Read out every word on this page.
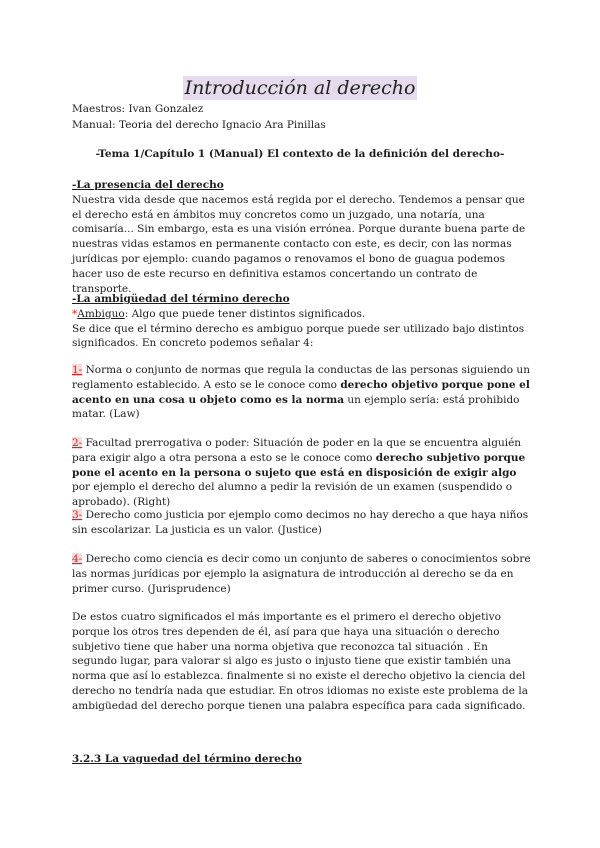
Introducción al derecho
Maestros: Ivan Gonzalez
Manual: Teoria del derecho Ignacio Ara Pinillas
-Tema 1/Capítulo 1 (Manual) El contexto de la definición del derecho-

-La presencia del derecho

Nuestra vida desde que nacemos está regida por el derecho. Tendemos a pensar que el derecho está en ámbitos muy concretos como un juzgado, una notaría, una comisaría... Sin embargo, esta es una visión errónea. Porque durante buena parte de nuestras vidas estamos en permanente contacto con este, es decir, con las normas jurídicas por ejemplo: cuando pagamos o renovamos el bono de guagua podemos hacer uso de este recurso en definitiva estamos concertando un contrato de transporte.

-La ambigüedad del término derecho

*Ambiguo: Algo que puede tener distintos significados.

Se dice que el término derecho es ambiguo porque puede ser utilizado bajo distintos significados. En concreto podemos señalar 4:

1- Norma o conjunto de normas que regula la conductas de las personas siguiendo un reglamento establecido. A esto se le conoce como derecho objetivo porque pone el acento en una cosa u objeto como es la norma un ejemplo sería: está prohibido matar. (Law)

2- Facultad prerrogativa o poder: Situación de poder en la que se encuentra alguién para exigir algo a otra persona a esto se le conoce como derecho subjetivo porque pone el acento en la persona o sujeto que está en disposición de exigir algo por ejemplo el derecho del alumno a pedir la revisión de un examen (suspendido o aprobado). (Right)

3- Derecho como justicia por ejemplo como decimos no hay derecho a que haya niños sin escolarizar. La justicia es un valor. (Justice)

4- Derecho como ciencia es decir como un conjunto de saberes o conocimientos sobre las normas jurídicas por ejemplo la asignatura de introducción al derecho se da en primer curso. (Jurisprudence)

De estos cuatro significados el más importante es el primero el derecho objetivo porque los otros tres dependen de él, así para que haya una situación o derecho subjetivo tiene que haber una norma objetiva que reconozca tal situación . En segundo lugar, para valorar si algo es justo o injusto tiene que existir también una norma que así lo establezca. finalmente si no existe el derecho objetivo la ciencia del derecho no tendría nada que estudiar. En otros idiomas no existe este problema de la ambigüedad del derecho porque tienen una palabra específica para cada significado.

3.2.3 La vaguedad del término derecho
